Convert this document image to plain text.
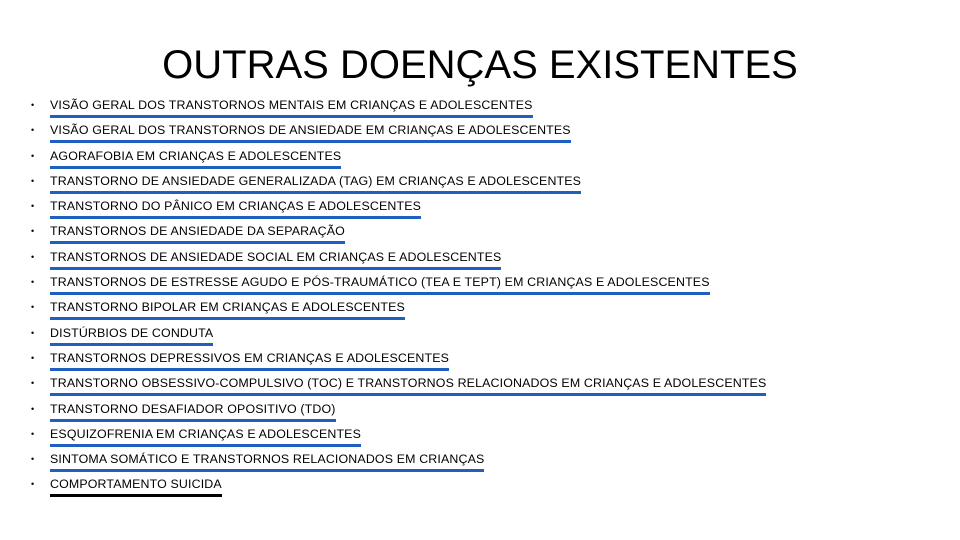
OUTRAS DOENÇAS EXISTENTES
•	VISÃO GERAL DOS TRANSTORNOS MENTAIS EM CRIANÇAS E ADOLESCENTES
•	VISÃO GERAL DOS TRANSTORNOS DE ANSIEDADE EM CRIANÇAS E ADOLESCENTES
•	AGORAFOBIA EM CRIANÇAS E ADOLESCENTES
•	TRANSTORNO DE ANSIEDADE GENERALIZADA (TAG) EM CRIANÇAS E ADOLESCENTES
•	TRANSTORNO DO PÂNICO EM CRIANÇAS E ADOLESCENTES
•	TRANSTORNOS DE ANSIEDADE DA SEPARAÇÃO
•	TRANSTORNOS DE ANSIEDADE SOCIAL EM CRIANÇAS E ADOLESCENTES
•	TRANSTORNOS DE ESTRESSE AGUDO E PÓS-TRAUMÁTICO (TEA E TEPT) EM CRIANÇAS E ADOLESCENTES
•	TRANSTORNO BIPOLAR EM CRIANÇAS E ADOLESCENTES
•	DISTÚRBIOS DE CONDUTA
•	TRANSTORNOS DEPRESSIVOS EM CRIANÇAS E ADOLESCENTES
•	TRANSTORNO OBSESSIVO-COMPULSIVO (TOC) E TRANSTORNOS RELACIONADOS EM CRIANÇAS E ADOLESCENTES
•	TRANSTORNO DESAFIADOR OPOSITIVO (TDO)
•	ESQUIZOFRENIA EM CRIANÇAS E ADOLESCENTES
•	SINTOMA SOMÁTICO E TRANSTORNOS RELACIONADOS EM CRIANÇAS
•	COMPORTAMENTO SUICIDA
